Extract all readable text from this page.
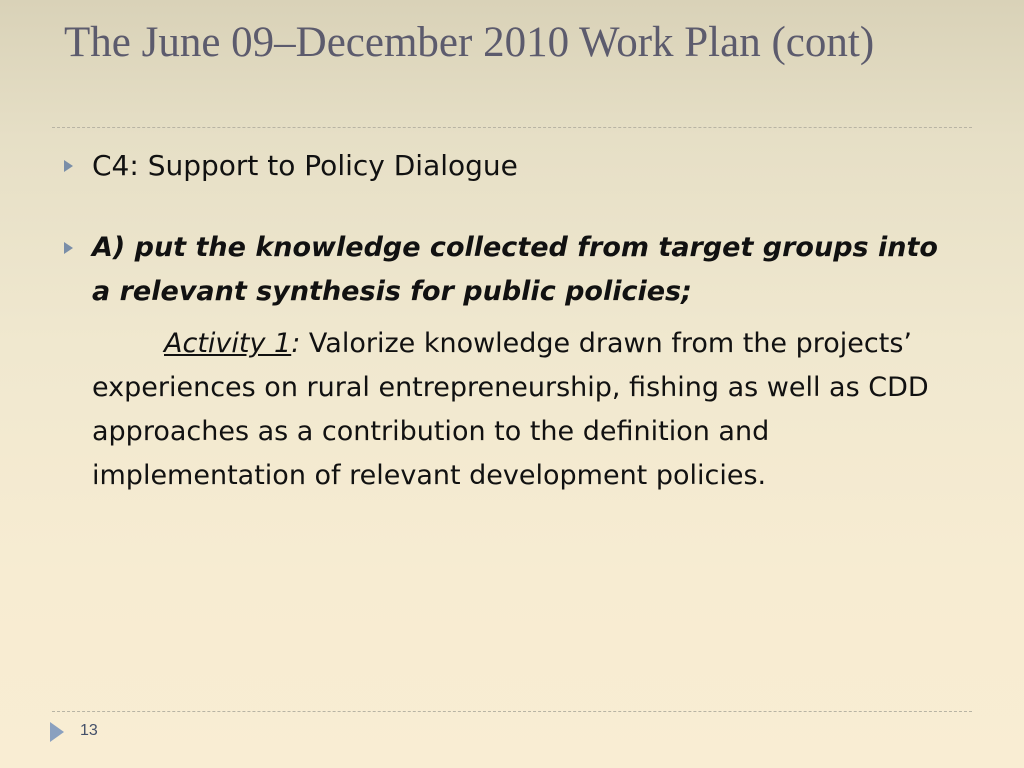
The June 09–December 2010 Work Plan (cont)
C4: Support to Policy Dialogue
A) put the knowledge collected from target groups into a relevant synthesis for public policies;
Activity 1: Valorize knowledge drawn from the projects’ experiences on rural entrepreneurship, fishing as well as CDD approaches as a contribution to the definition and implementation of relevant development policies.
13
